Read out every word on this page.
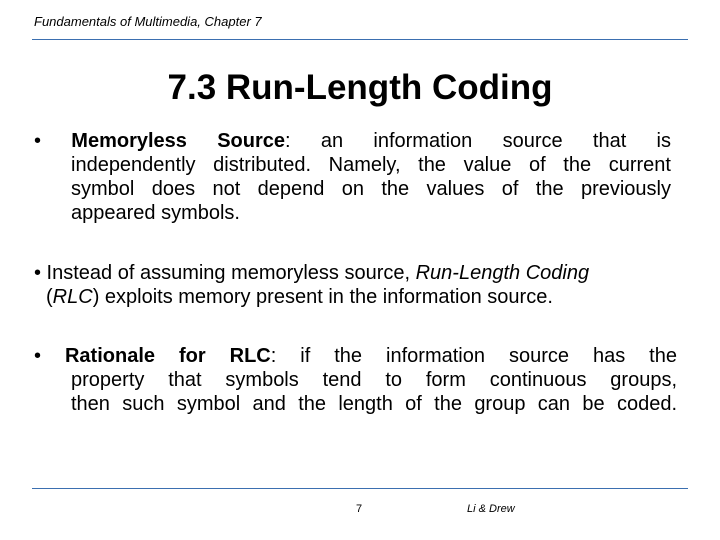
Fundamentals of Multimedia, Chapter 7
7.3 Run-Length Coding
• Memoryless Source: an information source that is
independently distributed. Namely, the value of the current
symbol does not depend on the values of the previously
appeared symbols.
• Instead of assuming memoryless source, Run-Length Coding
(RLC) exploits memory present in the information source.
• Rationale for RLC: if the information source has the
property that symbols tend to form continuous groups,
then such symbol and the length of the group can be coded.
7	Li & Drew
